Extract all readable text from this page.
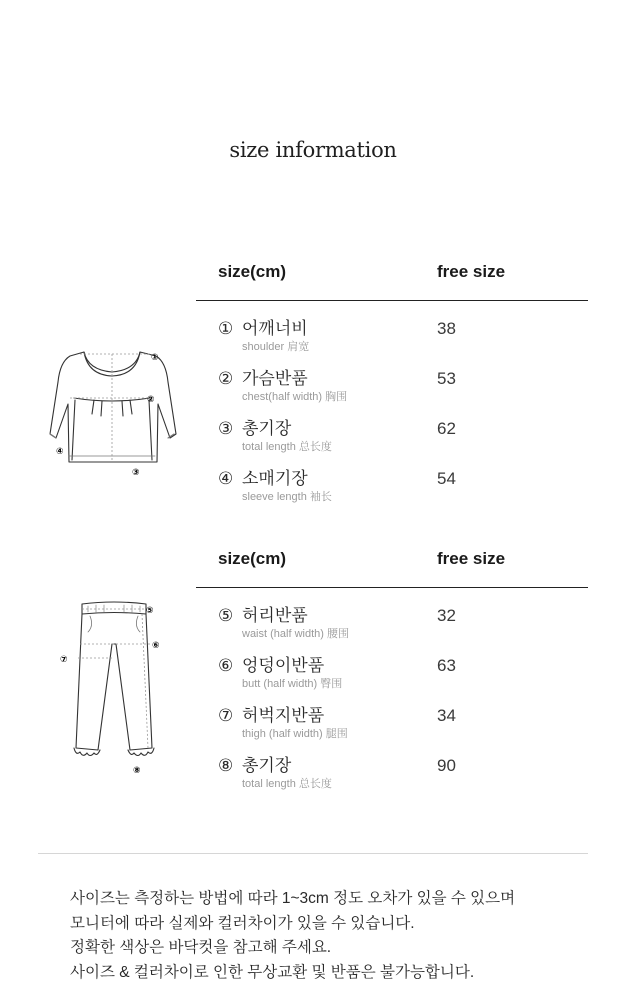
size information
size(cm)	free size
① 어깨너비
shoulder 肩宽
38
② 가슴반품
chest(half width) 胸围
53
③ 총기장
total length 总长度
62
④ 소매기장
sleeve length 袖长
54
①
②
③
④
size(cm)	free size
⑤ 허리반품
waist (half width) 腰围
32
⑥ 엉덩이반품
butt (half width) 臀围
63
⑦ 허벅지반품
thigh (half width) 腿围
34
⑧ 총기장
total length 总长度
90
⑤
⑥
⑦
⑧
사이즈는 측정하는 방법에 따라 1~3cm 정도 오차가 있을 수 있으며
모니터에 따라 실제와 컬러차이가 있을 수 있습니다.
정확한 색상은 바닥컷을 참고해 주세요.
사이즈 & 컬러차이로 인한 무상교환 및 반품은 불가능합니다.
